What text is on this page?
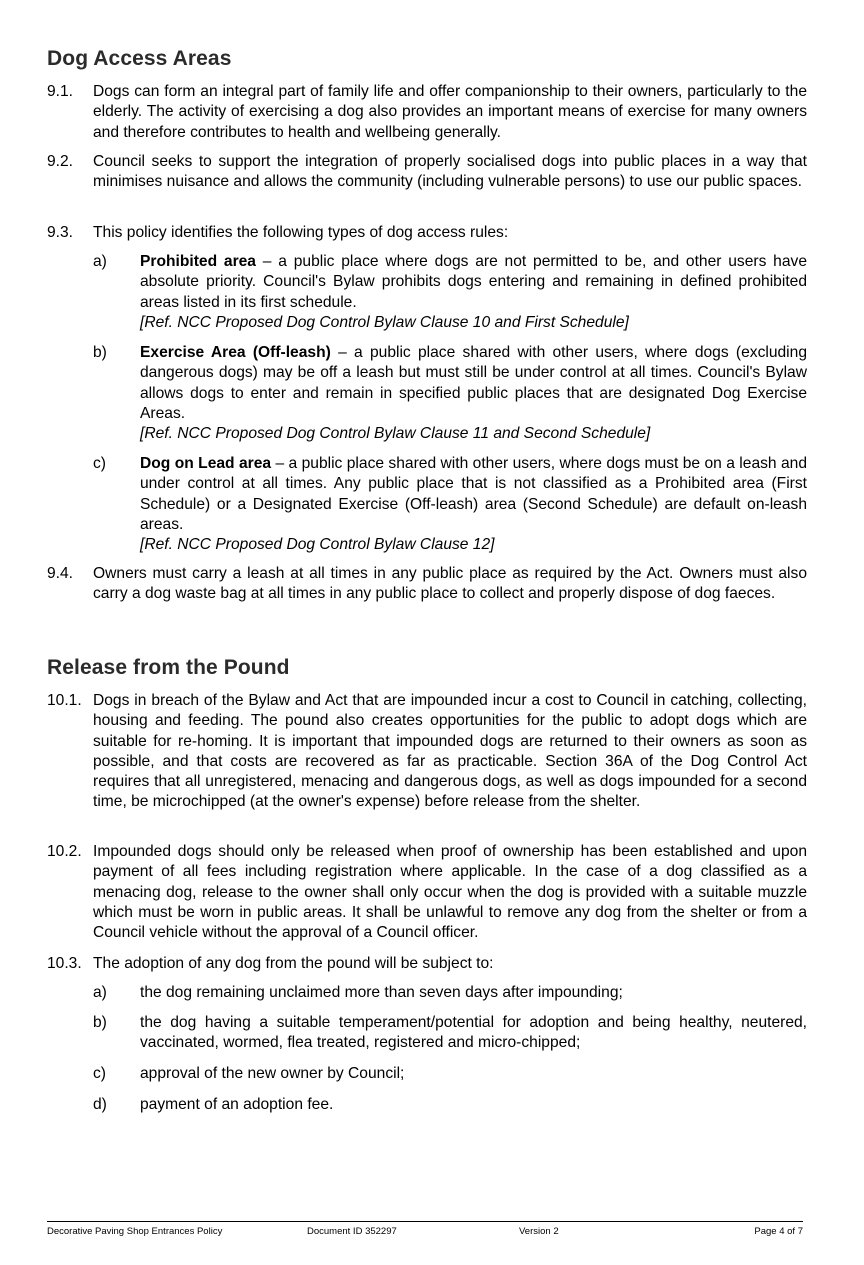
Dog Access Areas
9.1. Dogs can form an integral part of family life and offer companionship to their owners, particularly to the elderly. The activity of exercising a dog also provides an important means of exercise for many owners and therefore contributes to health and wellbeing generally.
9.2. Council seeks to support the integration of properly socialised dogs into public places in a way that minimises nuisance and allows the community (including vulnerable persons) to use our public spaces.
9.3. This policy identifies the following types of dog access rules:
a) Prohibited area – a public place where dogs are not permitted to be, and other users have absolute priority. Council's Bylaw prohibits dogs entering and remaining in defined prohibited areas listed in its first schedule.
[Ref. NCC Proposed Dog Control Bylaw Clause 10 and First Schedule]
b) Exercise Area (Off-leash) – a public place shared with other users, where dogs (excluding dangerous dogs) may be off a leash but must still be under control at all times. Council's Bylaw allows dogs to enter and remain in specified public places that are designated Dog Exercise Areas.
[Ref. NCC Proposed Dog Control Bylaw Clause 11 and Second Schedule]
c) Dog on Lead area – a public place shared with other users, where dogs must be on a leash and under control at all times. Any public place that is not classified as a Prohibited area (First Schedule) or a Designated Exercise (Off-leash) area (Second Schedule) are default on-leash areas.
[Ref. NCC Proposed Dog Control Bylaw Clause 12]
9.4. Owners must carry a leash at all times in any public place as required by the Act. Owners must also carry a dog waste bag at all times in any public place to collect and properly dispose of dog faeces.
Release from the Pound
10.1. Dogs in breach of the Bylaw and Act that are impounded incur a cost to Council in catching, collecting, housing and feeding. The pound also creates opportunities for the public to adopt dogs which are suitable for re-homing. It is important that impounded dogs are returned to their owners as soon as possible, and that costs are recovered as far as practicable. Section 36A of the Dog Control Act requires that all unregistered, menacing and dangerous dogs, as well as dogs impounded for a second time, be microchipped (at the owner's expense) before release from the shelter.
10.2. Impounded dogs should only be released when proof of ownership has been established and upon payment of all fees including registration where applicable. In the case of a dog classified as a menacing dog, release to the owner shall only occur when the dog is provided with a suitable muzzle which must be worn in public areas. It shall be unlawful to remove any dog from the shelter or from a Council vehicle without the approval of a Council officer.
10.3. The adoption of any dog from the pound will be subject to:
a) the dog remaining unclaimed more than seven days after impounding;
b) the dog having a suitable temperament/potential for adoption and being healthy, neutered, vaccinated, wormed, flea treated, registered and micro-chipped;
c) approval of the new owner by Council;
d) payment of an adoption fee.
Decorative Paving Shop Entrances Policy	Document ID 352297	Version 2	Page 4 of 7
